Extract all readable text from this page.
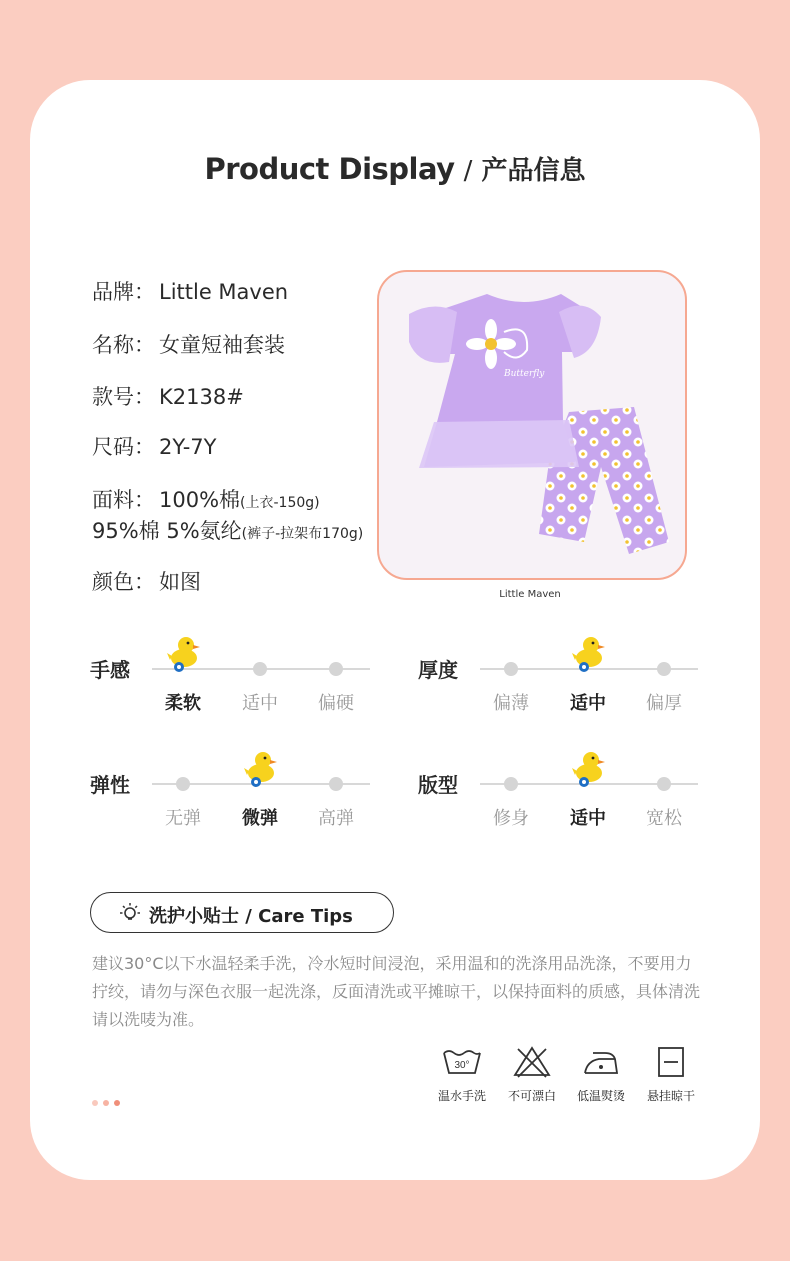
Product Display / 产品信息
品牌： Little Maven
名称： 女童短袖套装
款号： K2138#
尺码： 2Y-7Y
面料： 100%棉(上衣-150g)
95%棉 5%氨纶(裤子-拉架布170g)
颜色： 如图
Butterfly
Little Maven
手感
柔软	适中	偏硬
厚度
偏薄	适中	偏厚
弹性
无弹	微弹	高弹
版型
修身	适中	宽松
洗护小贴士 / Care Tips
建议30°C以下水温轻柔手洗，冷水短时间浸泡，采用温和的洗涤用品洗涤，不要用力拧绞，请勿与深色衣服一起洗涤，反面清洗或平摊晾干，以保持面料的质感，具体清洗请以洗唛为准。
30°
温水手洗	不可漂白	低温熨烫	悬挂晾干
